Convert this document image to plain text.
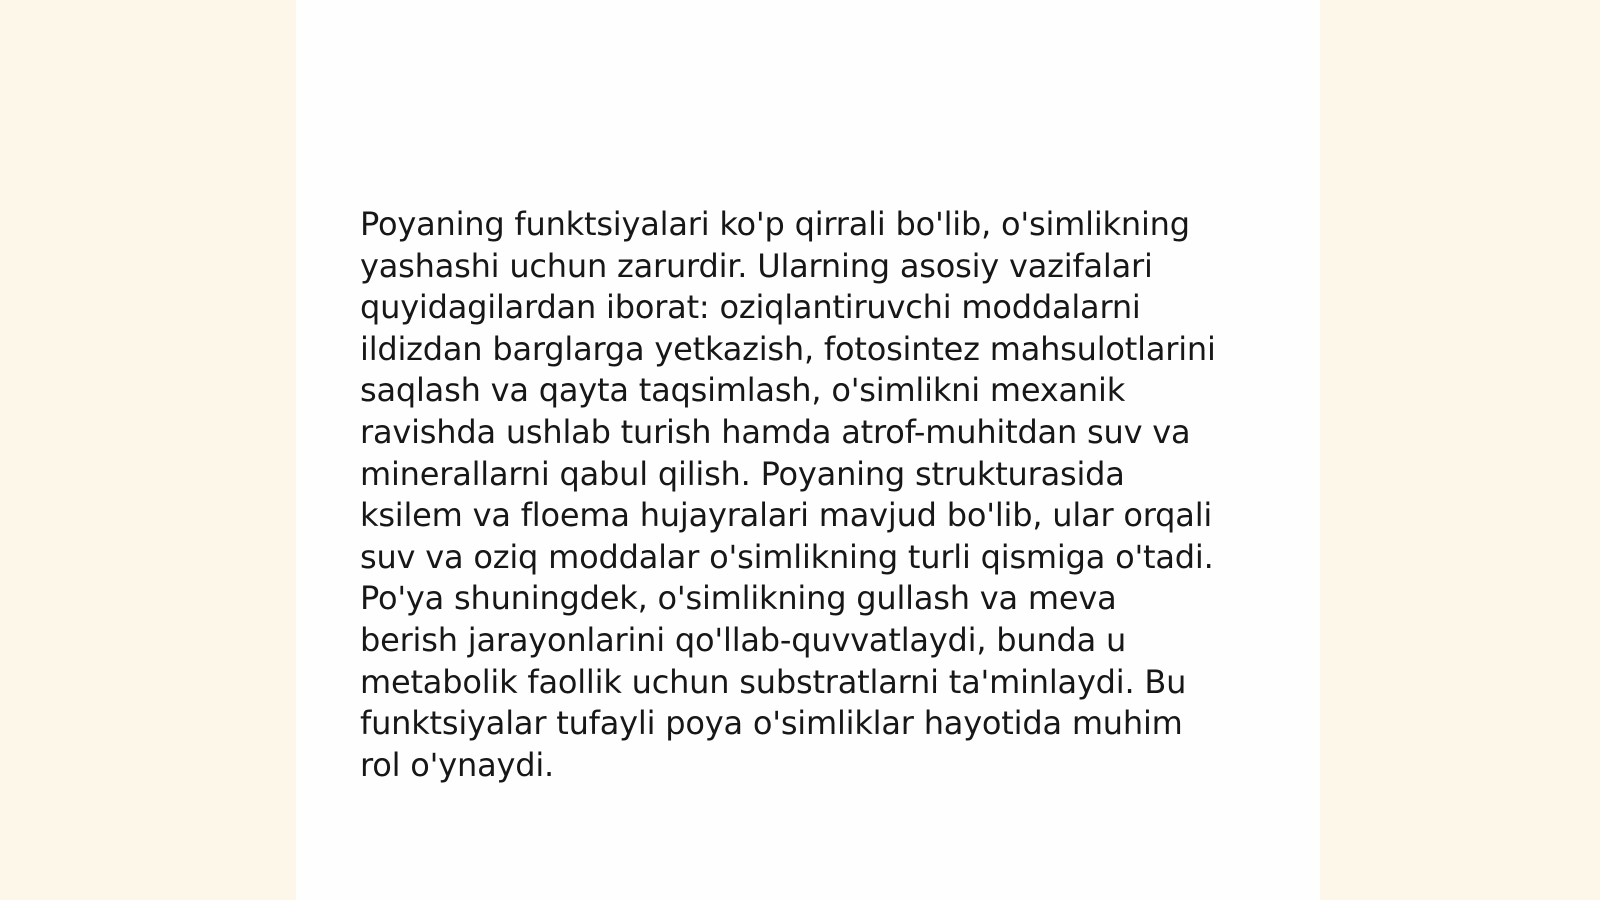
Poyaning funktsiyalari ko'p qirrali bo'lib, o'simlikning
yashashi uchun zarurdir. Ularning asosiy vazifalari
quyidagilardan iborat: oziqlantiruvchi moddalarni
ildizdan barglarga yetkazish, fotosintez mahsulotlarini
saqlash va qayta taqsimlash, o'simlikni mexanik
ravishda ushlab turish hamda atrof-muhitdan suv va
minerallarni qabul qilish. Poyaning strukturasida
ksilem va floema hujayralari mavjud bo'lib, ular orqali
suv va oziq moddalar o'simlikning turli qismiga o'tadi.
Po'ya shuningdek, o'simlikning gullash va meva
berish jarayonlarini qo'llab-quvvatlaydi, bunda u
metabolik faollik uchun substratlarni ta'minlaydi. Bu
funktsiyalar tufayli poya o'simliklar hayotida muhim
rol o'ynaydi.
